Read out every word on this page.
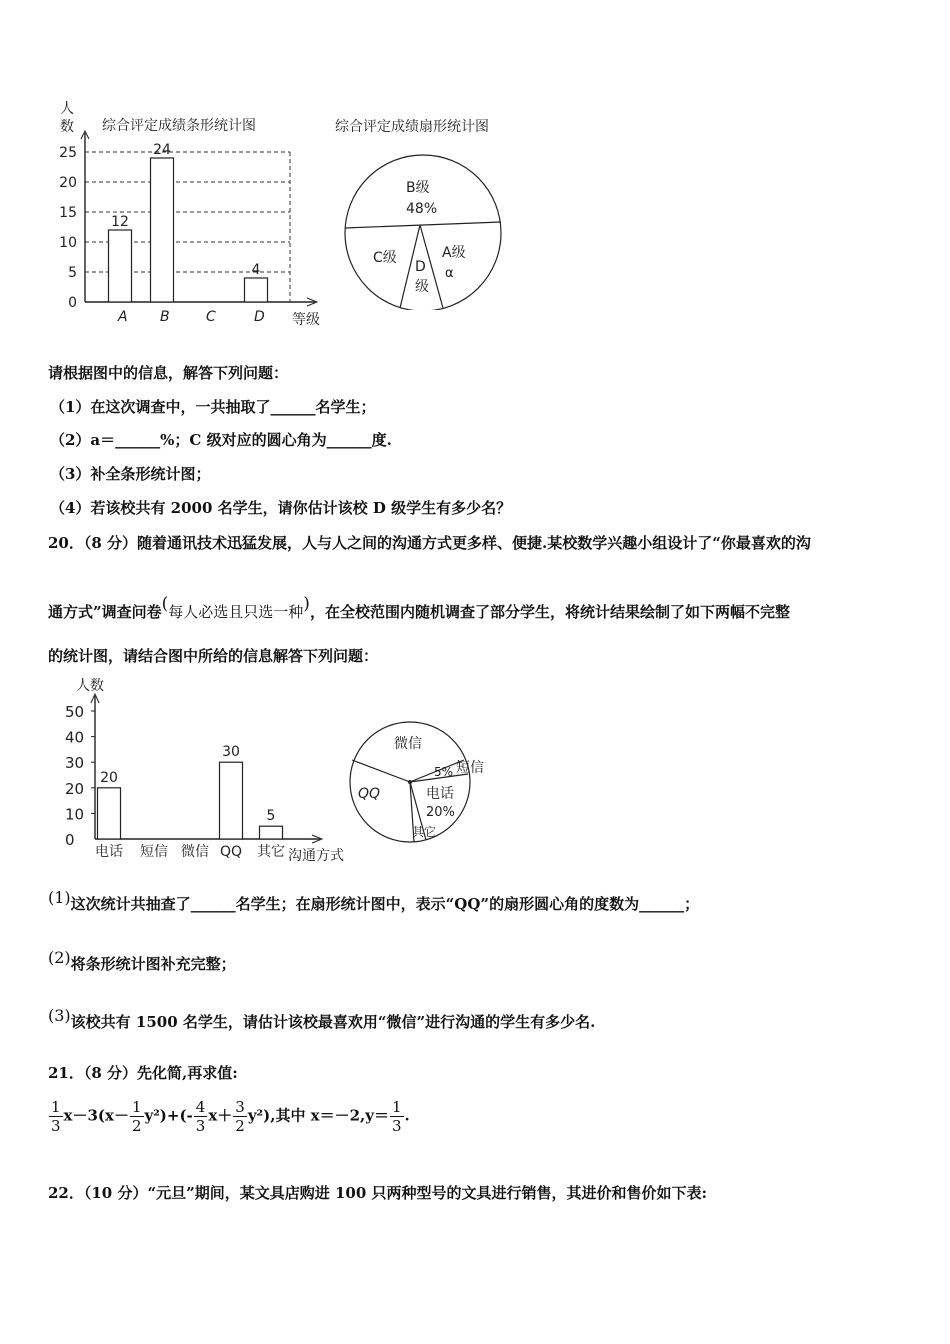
综合评定成绩条形统计图
人
数
0
5
10
15
20
25
12
24
4
A B	C	D 等级
综合评定成绩扇形统计图
B级
48%
C级
D
级
A级
α
请根据图中的信息，解答下列问题：
（1）在这次调查中，一共抽取了______名学生；
（2）a＝______%；C 级对应的圆心角为______度.
（3）补全条形统计图；
（4）若该校共有 2000 名学生，请你估计该校 D 级学生有多少名？
20．（8 分）随着通讯技术迅猛发展，人与人之间的沟通方式更多样、便捷.某校数学兴趣小组设计了“你最喜欢的沟
通方式”调查问卷(每人必选且只选一种)，在全校范围内随机调查了部分学生，将统计结果绘制了如下两幅不完整
的统计图，请结合图中所给的信息解答下列问题：
人数
0
10
20
30
40
50
20
30
5
电话 短信 微信 QQ 其它 沟通方式
微信
QQ
5% 短信
电话
20%
其它
(1)这次统计共抽查了______名学生；在扇形统计图中，表示“QQ”的扇形圆心角的度数为______；
(2)将条形统计图补充完整；
(3)该校共有 1500 名学生，请估计该校最喜欢用“微信”进行沟通的学生有多少名.
21．（8 分）先化简,再求值:
$\frac{1}{3} x-3(x- \frac{1}{2} y^2)+(- \frac{4}{3} x+ \frac{3}{2} y^2)$,其中 $x=-2,y= \frac{1}{3}$ .
22．（10 分）“元旦”期间，某文具店购进 100 只两种型号的文具进行销售，其进价和售价如下表:
